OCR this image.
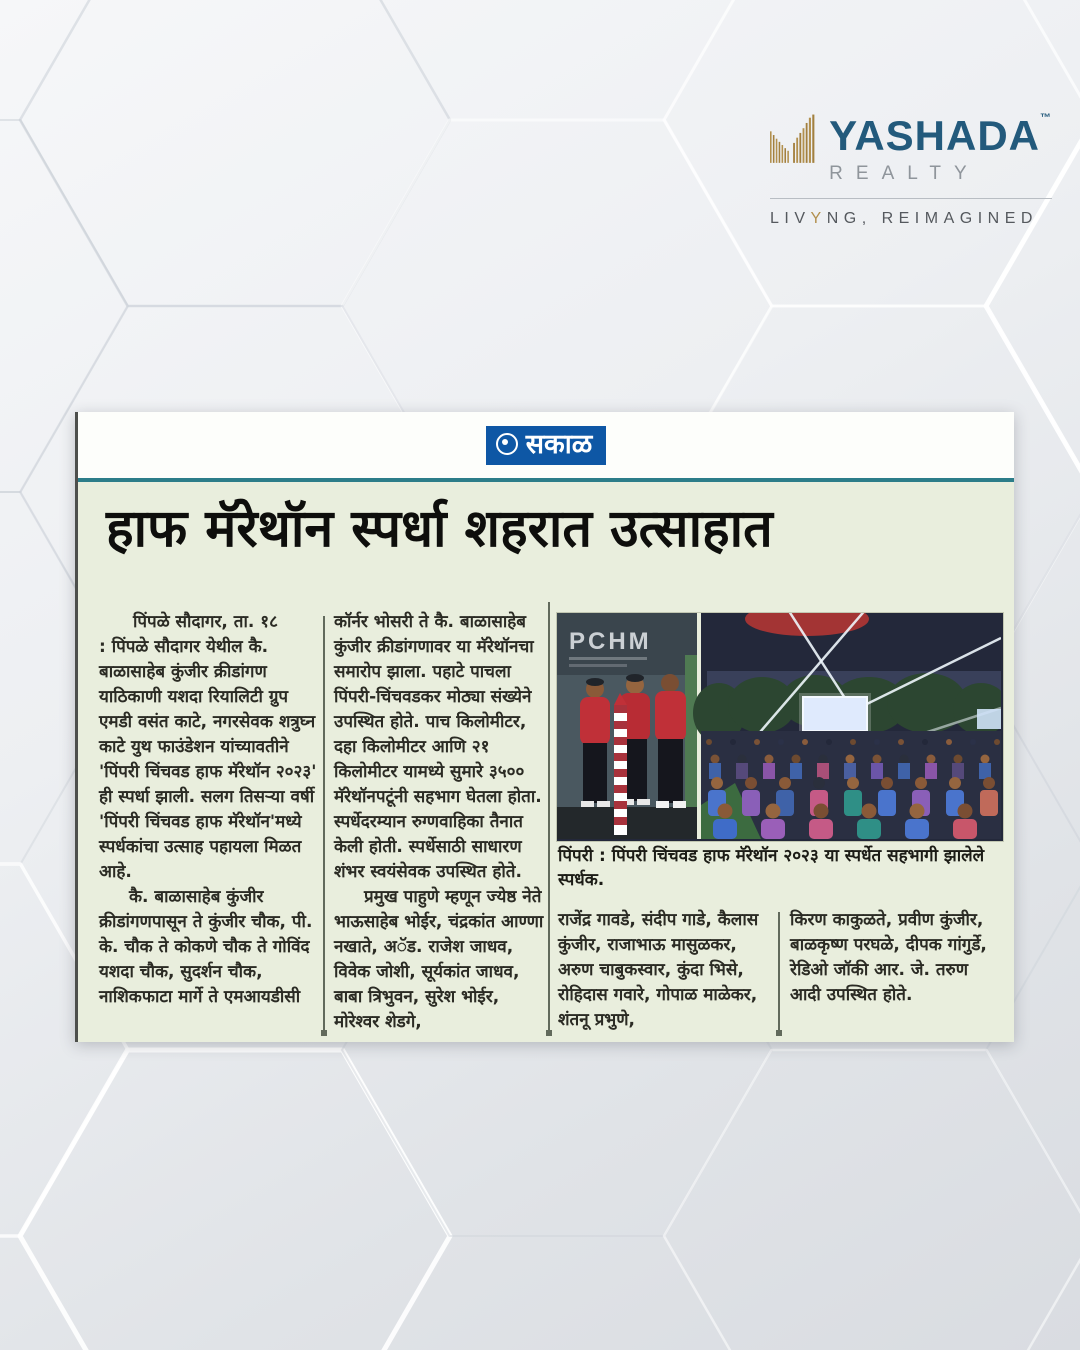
YASHADA™
REALTY
LIVYNG, REIMAGINED
सकाळ
हाफ मॅरेथॉन स्पर्धा शहरात उत्साहात
पिंपळे सौदागर, ता. १८
: पिंपळे सौदागर येथील कै. बाळासाहेब कुंजीर क्रीडांगण याठिकाणी यशदा रियालिटी ग्रुप एमडी वसंत काटे, नगरसेवक शत्रुघ्न काटे युथ फाउंडेशन यांच्यावतीने 'पिंपरी चिंचवड हाफ मॅरेथॉन २०२३' ही स्पर्धा झाली. सलग तिसऱ्या वर्षी 'पिंपरी चिंचवड हाफ मॅरेथॉन'मध्ये स्पर्धकांचा उत्साह पहायला मिळत आहे.
कै. बाळासाहेब कुंजीर क्रीडांगणपासून ते कुंजीर चौक, पी. के. चौक ते कोकणे चौक ते गोविंद यशदा चौक, सुदर्शन चौक, नाशिकफाटा मार्गे ते एमआयडीसी
कॉर्नर भोसरी ते कै. बाळासाहेब कुंजीर क्रीडांगणावर या मॅरेथॉनचा समारोप झाला. पहाटे पाचला पिंपरी-चिंचवडकर मोठ्या संख्येने उपस्थित होते. पाच किलोमीटर, दहा किलोमीटर आणि २१ किलोमीटर यामध्ये सुमारे ३५०० मॅरेथॉनपटूंनी सहभाग घेतला होता. स्पर्धेदरम्यान रुग्णवाहिका तैनात केली होती. स्पर्धेसाठी साधारण शंभर स्वयंसेवक उपस्थित होते.
प्रमुख पाहुणे म्हणून ज्येष्ठ नेते भाऊसाहेब भोईर, चंद्रकांत आण्णा नखाते, अॅड. राजेश जाधव, विवेक जोशी, सूर्यकांत जाधव, बाबा त्रिभुवन, सुरेश भोईर, मोरेश्वर शेडगे,
PCHM
पिंपरी : पिंपरी चिंचवड हाफ मॅरेथॉन २०२३ या स्पर्धेत सहभागी झालेले स्पर्धक.
राजेंद्र गावडे, संदीप गाडे, कैलास कुंजीर, राजाभाऊ मासुळकर, अरुण चाबुकस्वार, कुंदा भिसे, रोहिदास गवारे, गोपाळ माळेकर, शंतनू प्रभुणे,
किरण काकुळते, प्रवीण कुंजीर, बाळकृष्ण परघळे, दीपक गांगुर्डे, रेडिओ जॉकी आर. जे. तरुण आदी उपस्थित होते.
